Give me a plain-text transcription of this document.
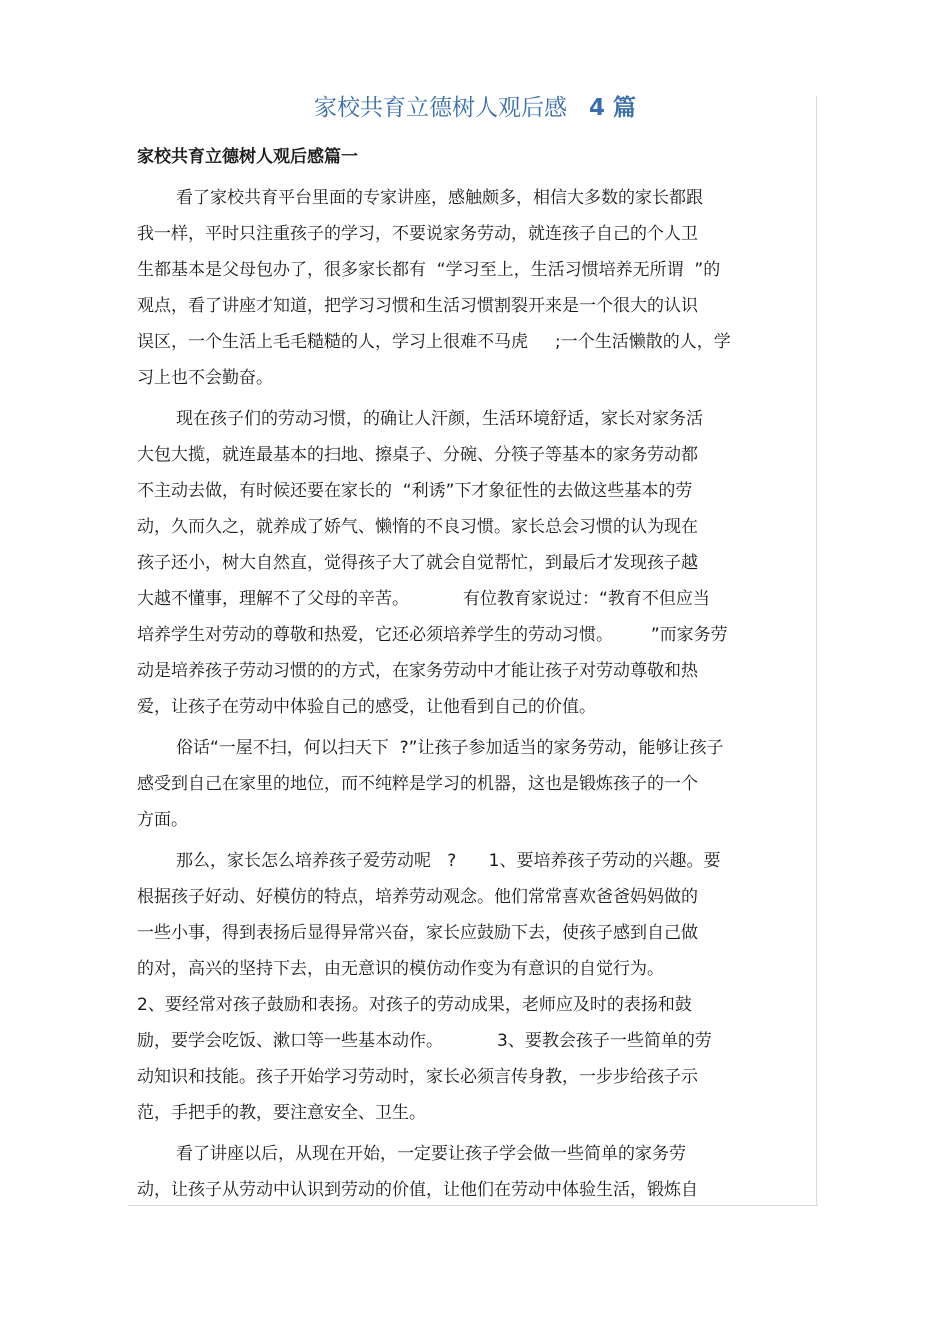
家校共育立德树人观后感   4 篇
家校共育立德树人观后感篇一
看了家校共育平台里面的专家讲座，感触颇多，相信大多数的家长都跟
我一样，平时只注重孩子的学习，不要说家务劳动，就连孩子自己的个人卫
生都基本是父母包办了，很多家长都有  “学习至上，生活习惯培养无所谓  ”的
观点，看了讲座才知道，把学习习惯和生活习惯割裂开来是一个很大的认识
误区，一个生活上毛毛糙糙的人，学习上很难不马虎     ;一个生活懒散的人，学
习上也不会勤奋。
现在孩子们的劳动习惯，的确让人汗颜，生活环境舒适，家长对家务活
大包大揽，就连最基本的扫地、擦桌子、分碗、分筷子等基本的家务劳动都
不主动去做，有时候还要在家长的  “利诱”下才象征性的去做这些基本的劳
动，久而久之，就养成了娇气、懒惰的不良习惯。家长总会习惯的认为现在
孩子还小，树大自然直，觉得孩子大了就会自觉帮忙，到最后才发现孩子越
大越不懂事，理解不了父母的辛苦。          有位教育家说过：“教育不但应当
培养学生对劳动的尊敬和热爱，它还必须培养学生的劳动习惯。       ”而家务劳
动是培养孩子劳动习惯的的方式，在家务劳动中才能让孩子对劳动尊敬和热
爱，让孩子在劳动中体验自己的感受，让他看到自己的价值。
俗话“一屋不扫，何以扫天下  ?”让孩子参加适当的家务劳动，能够让孩子
感受到自己在家里的地位，而不纯粹是学习的机器，这也是锻炼孩子的一个
方面。
那么，家长怎么培养孩子爱劳动呢   ?      1、要培养孩子劳动的兴趣。要
根据孩子好动、好模仿的特点，培养劳动观念。他们常常喜欢爸爸妈妈做的
一些小事，得到表扬后显得异常兴奋，家长应鼓励下去，使孩子感到自己做
的对，高兴的坚持下去，由无意识的模仿动作变为有意识的自觉行为。
2、要经常对孩子鼓励和表扬。对孩子的劳动成果，老师应及时的表扬和鼓
励，要学会吃饭、漱口等一些基本动作。          3、要教会孩子一些简单的劳
动知识和技能。孩子开始学习劳动时，家长必须言传身教，一步步给孩子示
范，手把手的教，要注意安全、卫生。
看了讲座以后，从现在开始，一定要让孩子学会做一些简单的家务劳
动，让孩子从劳动中认识到劳动的价值，让他们在劳动中体验生活，锻炼自
